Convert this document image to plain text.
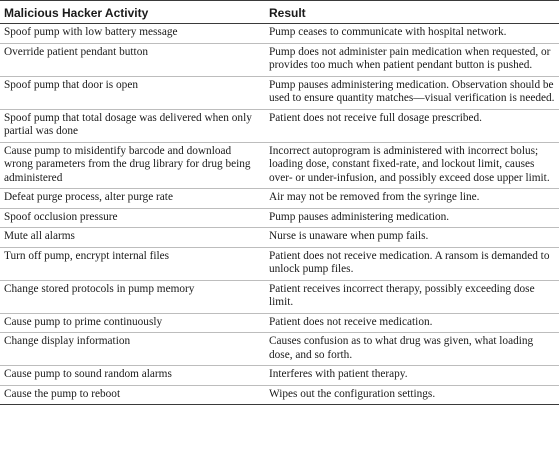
Malicious Hacker Activity	Result
Spoof pump with low battery message	Pump ceases to communicate with hospital network.
Override patient pendant button	Pump does not administer pain medication when requested, or provides too much when patient pendant button is pushed.
Spoof pump that door is open	Pump pauses administering medication. Observation should be used to ensure quantity matches—visual verification is needed.
Spoof pump that total dosage was delivered when only partial was done	Patient does not receive full dosage prescribed.
Cause pump to misidentify barcode and download wrong parameters from the drug library for drug being administered	Incorrect autoprogram is administered with incorrect bolus; loading dose, constant fixed-rate, and lockout limit, causes over- or under-infusion, and possibly exceed dose upper limit.
Defeat purge process, alter purge rate	Air may not be removed from the syringe line.
Spoof occlusion pressure	Pump pauses administering medication.
Mute all alarms	Nurse is unaware when pump fails.
Turn off pump, encrypt internal files	Patient does not receive medication. A ransom is demanded to unlock pump files.
Change stored protocols in pump memory	Patient receives incorrect therapy, possibly exceeding dose limit.
Cause pump to prime continuously	Patient does not receive medication.
Change display information	Causes confusion as to what drug was given, what loading dose, and so forth.
Cause pump to sound random alarms	Interferes with patient therapy.
Cause the pump to reboot	Wipes out the configuration settings.
